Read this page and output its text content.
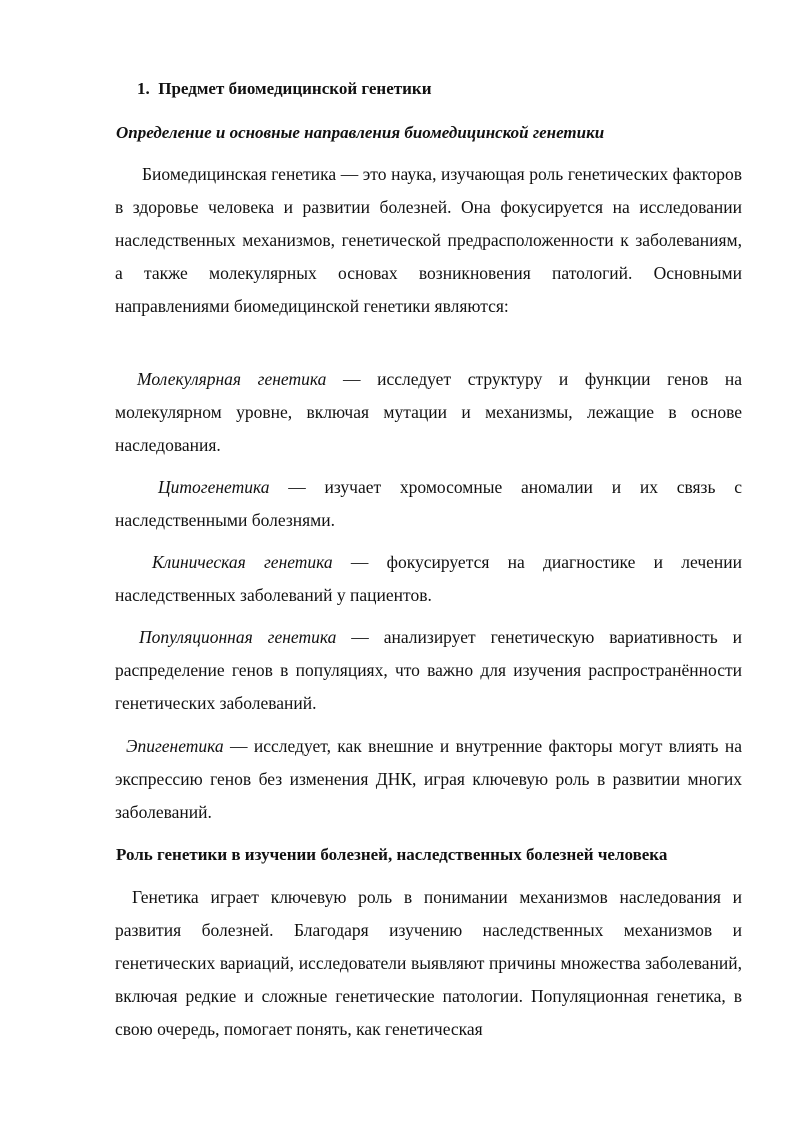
1.  Предмет биомедицинской генетики
Определение и основные направления биомедицинской генетики
Биомедицинская генетика — это наука, изучающая роль генетических факторов в здоровье человека и развитии болезней. Она фокусируется на исследовании наследственных механизмов, генетической предрасположенности к заболеваниям, а также молекулярных основах возникновения патологий. Основными направлениями биомедицинской генетики являются:
Молекулярная генетика — исследует структуру и функции генов на молекулярном уровне, включая мутации и механизмы, лежащие в основе наследования.
Цитогенетика — изучает хромосомные аномалии и их связь с наследственными болезнями.
Клиническая генетика — фокусируется на диагностике и лечении наследственных заболеваний у пациентов.
Популяционная генетика — анализирует генетическую вариативность и распределение генов в популяциях, что важно для изучения распространённости генетических заболеваний.
Эпигенетика — исследует, как внешние и внутренние факторы могут влиять на экспрессию генов без изменения ДНК, играя ключевую роль в развитии многих заболеваний.
Роль генетики в изучении болезней, наследственных болезней человека
Генетика играет ключевую роль в понимании механизмов наследования и развития болезней. Благодаря изучению наследственных механизмов и генетических вариаций, исследователи выявляют причины множества заболеваний, включая редкие и сложные генетические патологии. Популяционная генетика, в свою очередь, помогает понять, как генетическая
